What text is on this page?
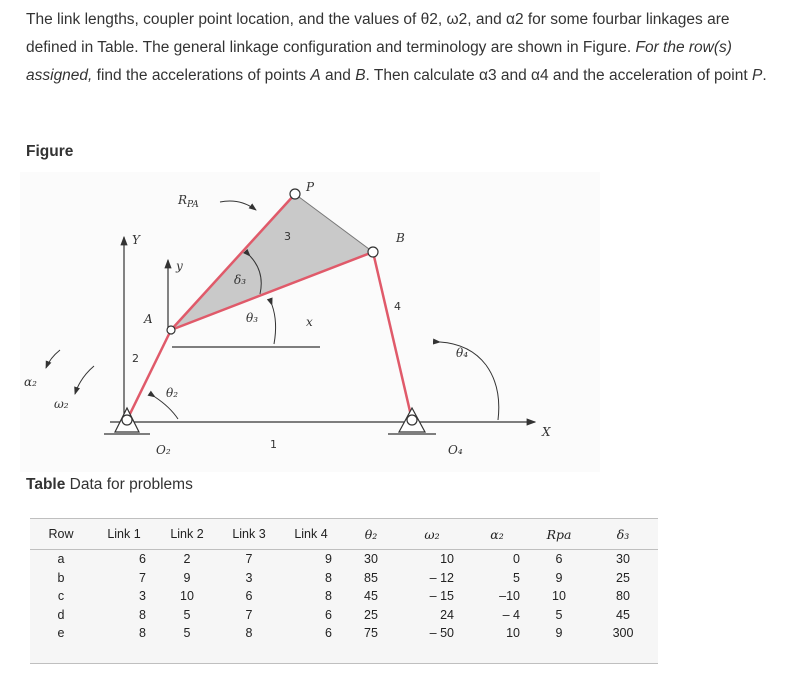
The link lengths, coupler point location, and the values of θ2, ω2, and α2 for some fourbar linkages are defined in Table. The general linkage configuration and terminology are shown in Figure. For the row(s) assigned, find the accelerations of points A and B. Then calculate α3 and α4 and the acceleration of point P.

Figure

α₂
ω₂
Y
y
A
θ₂
O₂
$R_{PA}$
P
δ₃
θ₃	x
B
θ₄
O₄
X
2
3
4
1

Table Data for problems

Row	Link 1	Link 2	Link 3	Link 4	θ₂	ω₂	α₂	Rpa	δ₃
a	6	2	7	9	30	10	0	6	30
b	7	9	3	8	85	– 12	5	9	25
c	3	10	6	8	45	– 15	–10	10	80
d	8	5	7	6	25	24	– 4	5	45
e	8	5	8	6	75	– 50	10	9	300
